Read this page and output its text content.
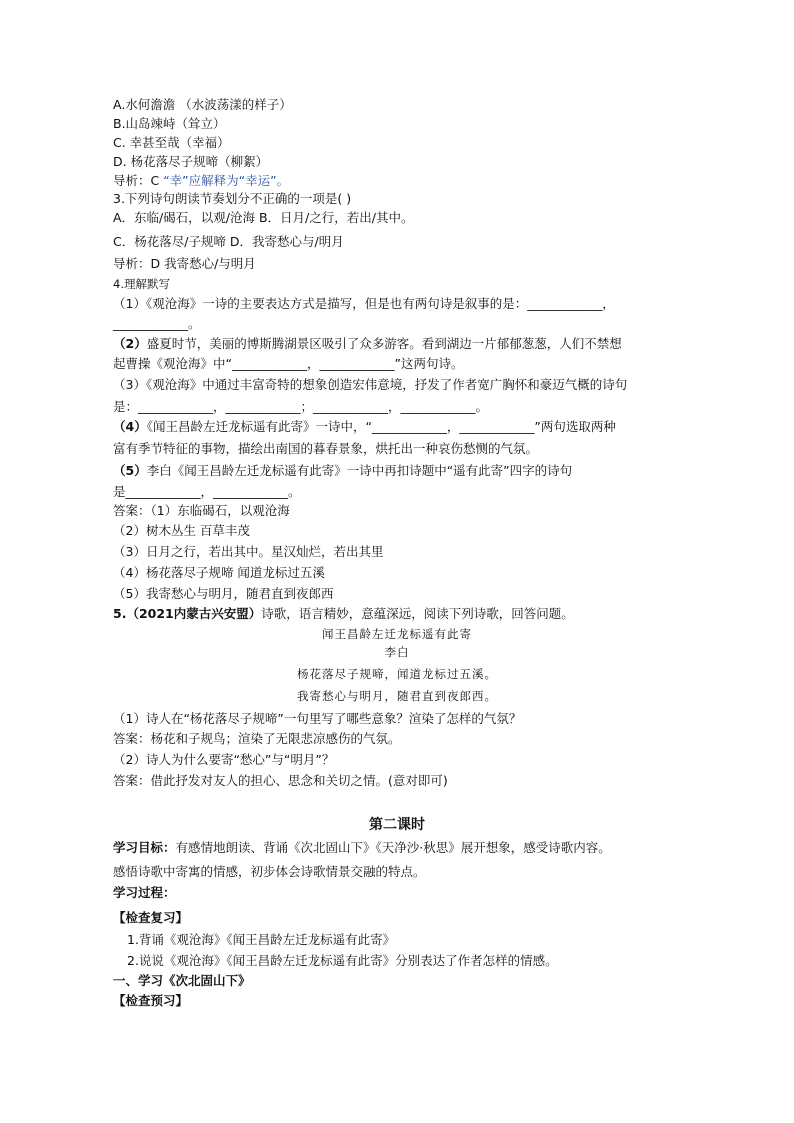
A.水何澹澹 （水波荡漾的样子）
B.山岛竦峙（耸立）
C. 幸甚至哉（幸福）
D. 杨花落尽子规啼（柳絮）
导析：C “幸”应解释为“幸运”。
3.下列诗句朗读节奏划分不正确的一项是( )
A．东临/碣石，以观/沧海 B．日月/之行，若出/其中。
C．杨花落尽/子规啼 D．我寄愁心与/明月
导析：D 我寄愁心/与明月
4.理解默写
（1）《观沧海》一诗的主要表达方式是描写，但是也有两句诗是叙事的是：____________，
____________。
（2）盛夏时节，美丽的博斯腾湖景区吸引了众多游客。看到湖边一片郁郁葱葱，人们不禁想
起曹操《观沧海》中“____________，____________”这两句诗。
（3）《观沧海》中通过丰富奇特的想象创造宏伟意境，抒发了作者宽广胸怀和豪迈气概的诗句
是：____________，____________；____________，____________。
（4）《闻王昌龄左迁龙标遥有此寄》一诗中，“____________，____________”两句选取两种
富有季节特征的事物，描绘出南国的暮春景象，烘托出一种哀伤愁恻的气氛。
（5）李白《闻王昌龄左迁龙标遥有此寄》一诗中再扣诗题中“遥有此寄”四字的诗句
是____________，____________。
答案：（1）东临碣石，以观沧海
（2）树木丛生 百草丰茂
（3）日月之行，若出其中。星汉灿烂，若出其里
（4）杨花落尽子规啼 闻道龙标过五溪
（5）我寄愁心与明月，随君直到夜郎西
5.（2021内蒙古兴安盟）诗歌，语言精妙，意蕴深远，阅读下列诗歌，回答问题。
闻王昌龄左迁龙标遥有此寄
李白
杨花落尽子规啼，闻道龙标过五溪。
我寄愁心与明月，随君直到夜郎西。
（1）诗人在“杨花落尽子规啼”一句里写了哪些意象？渲染了怎样的气氛？
答案：杨花和子规鸟；渲染了无限悲凉感伤的气氛。
（2）诗人为什么要寄“愁心”与“明月”？
答案：借此抒发对友人的担心、思念和关切之情。(意对即可)
第二课时
学习目标：有感情地朗读、背诵《次北固山下》《天净沙·秋思》展开想象，感受诗歌内容。
感悟诗歌中寄寓的情感，初步体会诗歌情景交融的特点。
学习过程：
【检查复习】
1.背诵《观沧海》《闻王昌龄左迁龙标遥有此寄》
2.说说《观沧海》《闻王昌龄左迁龙标遥有此寄》分别表达了作者怎样的情感。
一、学习《次北固山下》
【检查预习】
